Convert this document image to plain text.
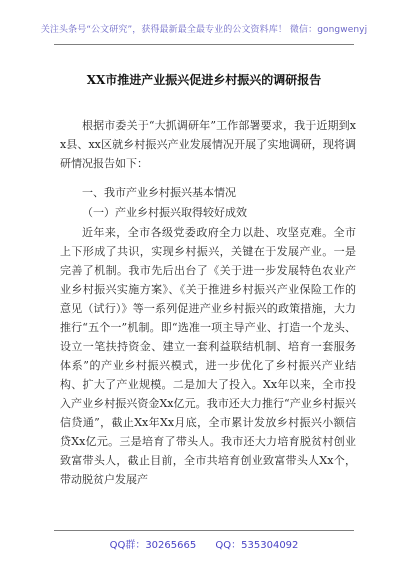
关注头条号“公文研究”，获得最新最全最专业的公文资料库！ 微信：gongwenyj
XX市推进产业振兴促进乡村振兴的调研报告

根据市委关于“大抓调研年”工作部署要求，我于近期到xx县、xx区就乡村振兴产业发展情况开展了实地调研，现将调研情况报告如下：

一、我市产业乡村振兴基本情况
（一）产业乡村振兴取得较好成效

近年来，全市各级党委政府全力以赴、攻坚克难。全市上下形成了共识，实现乡村振兴，关键在于发展产业。一是完善了机制。我市先后出台了《关于进一步发展特色农业产业乡村振兴实施方案》、《关于推进乡村振兴产业保险工作的意见（试行）》等一系列促进产业乡村振兴的政策措施，大力推行“五个一”机制。即“选准一项主导产业、打造一个龙头、设立一笔扶持资金、建立一套利益联结机制、培育一套服务体系”的产业乡村振兴模式，进一步优化了乡村振兴产业结构、扩大了产业规模。二是加大了投入。Xx年以来，全市投入产业乡村振兴资金Xx亿元。我市还大力推行“产业乡村振兴信贷通”，截止Xx年Xx月底，全市累计发放乡村振兴小额信贷Xx亿元。三是培育了带头人。我市还大力培育脱贫村创业致富带头人，截止目前，全市共培育创业致富带头人Xx个，带动脱贫户发展产

QQ群：30265665 QQ：535304092
